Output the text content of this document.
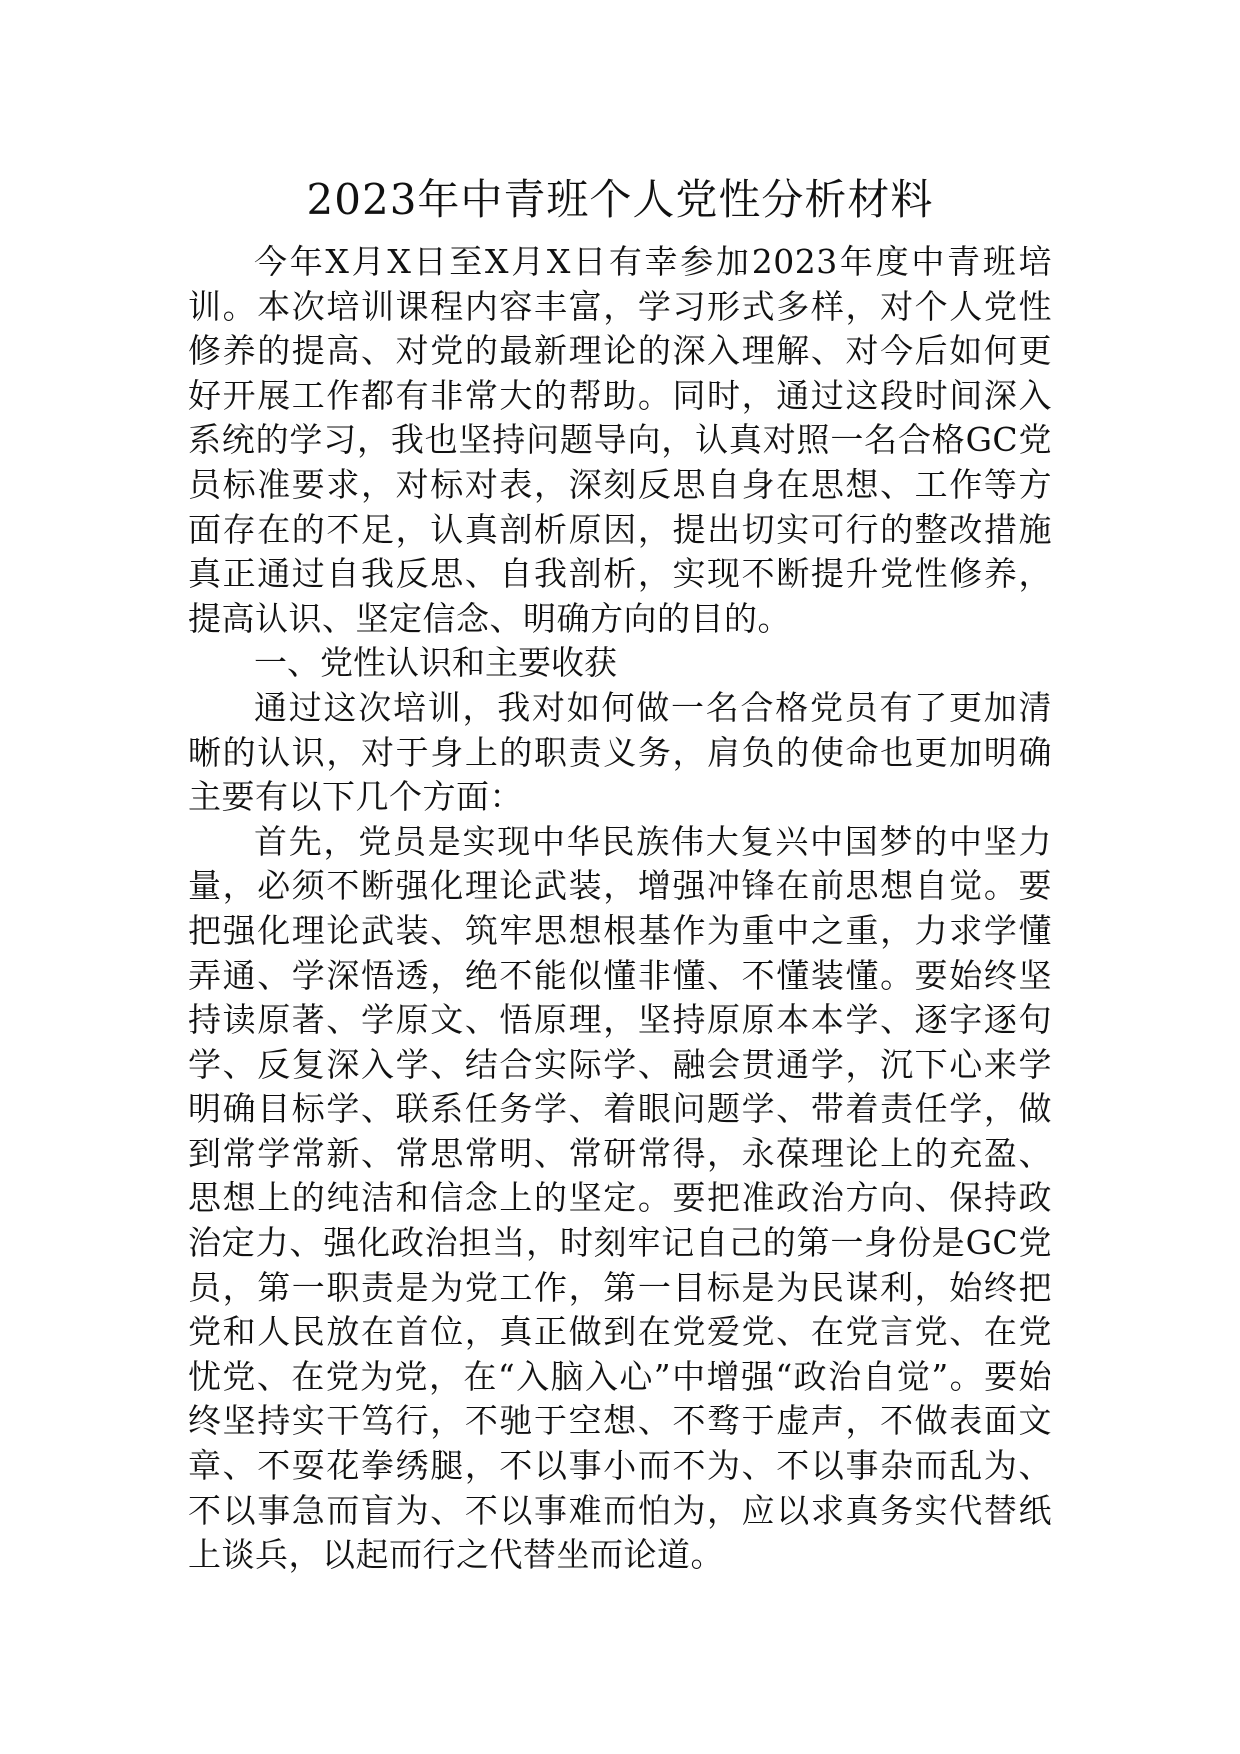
2023年中青班个人党性分析材料

今年X月X日至X月X日有幸参加2023年度中青班培训。本次培训课程内容丰富，学习形式多样，对个人党性修养的提高、对党的最新理论的深入理解、对今后如何更好开展工作都有非常大的帮助。同时，通过这段时间深入系统的学习，我也坚持问题导向，认真对照一名合格GC党员标准要求，对标对表，深刻反思自身在思想、工作等方面存在的不足，认真剖析原因，提出切实可行的整改措施真正通过自我反思、自我剖析，实现不断提升党性修养，提高认识、坚定信念、明确方向的目的。

一、党性认识和主要收获

通过这次培训，我对如何做一名合格党员有了更加清晰的认识，对于身上的职责义务，肩负的使命也更加明确主要有以下几个方面：

首先，党员是实现中华民族伟大复兴中国梦的中坚力量，必须不断强化理论武装，增强冲锋在前思想自觉。要把强化理论武装、筑牢思想根基作为重中之重，力求学懂弄通、学深悟透，绝不能似懂非懂、不懂装懂。要始终坚持读原著、学原文、悟原理，坚持原原本本学、逐字逐句学、反复深入学、结合实际学、融会贯通学，沉下心来学明确目标学、联系任务学、着眼问题学、带着责任学，做到常学常新、常思常明、常研常得，永葆理论上的充盈、思想上的纯洁和信念上的坚定。要把准政治方向、保持政治定力、强化政治担当，时刻牢记自己的第一身份是GC党员，第一职责是为党工作，第一目标是为民谋利，始终把党和人民放在首位，真正做到在党爱党、在党言党、在党忧党、在党为党，在“入脑入心”中增强“政治自觉”。要始终坚持实干笃行，不驰于空想、不骛于虚声，不做表面文章、不耍花拳绣腿，不以事小而不为、不以事杂而乱为、不以事急而盲为、不以事难而怕为，应以求真务实代替纸上谈兵，以起而行之代替坐而论道。
